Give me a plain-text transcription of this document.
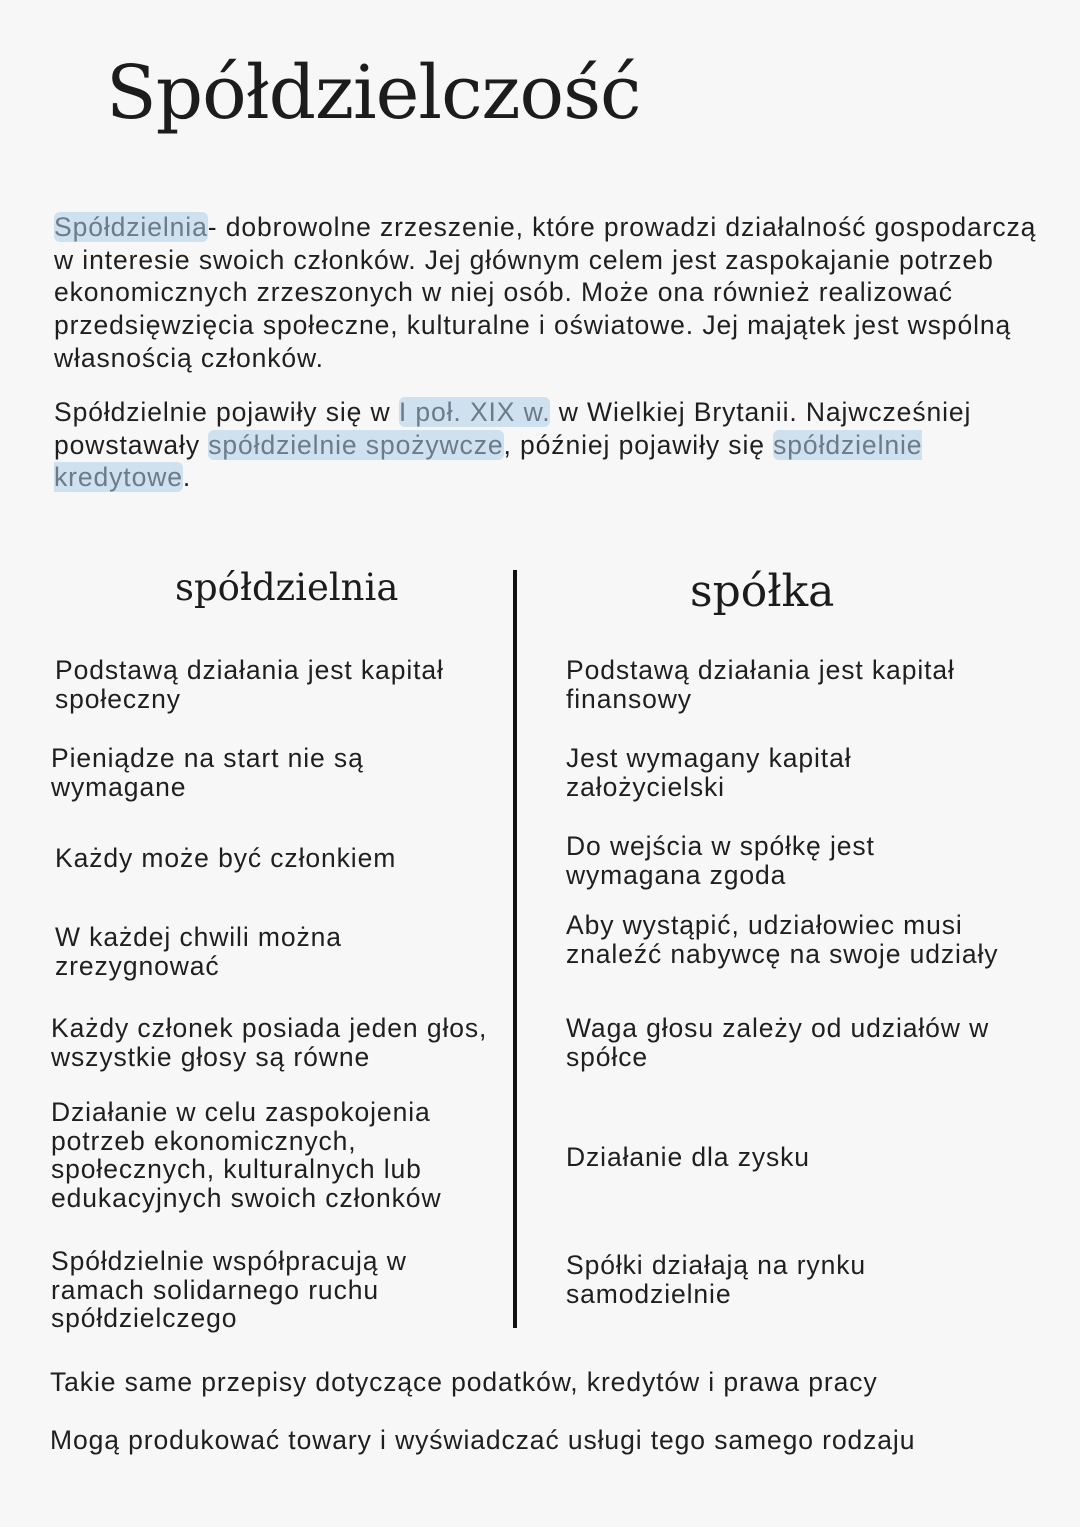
Spółdzielczość
Spółdzielnia- dobrowolne zrzeszenie, które prowadzi działalność gospodarczą w interesie swoich członków. Jej głównym celem jest zaspokajanie potrzeb ekonomicznych zrzeszonych w niej osób. Może ona również realizować przedsięwzięcia społeczne, kulturalne i oświatowe. Jej majątek jest wspólną własnością członków.
Spółdzielnie pojawiły się w I poł. XIX w. w Wielkiej Brytanii. Najwcześniej powstawały spółdzielnie spożywcze, później pojawiły się spółdzielnie kredytowe.
spółdzielnia	spółka
Podstawą działania jest kapitał społeczny
Pieniądze na start nie są wymagane
Każdy może być członkiem
W każdej chwili można zrezygnować
Każdy członek posiada jeden głos, wszystkie głosy są równe
Działanie w celu zaspokojenia potrzeb ekonomicznych, społecznych, kulturalnych lub edukacyjnych swoich członków
Spółdzielnie współpracują w ramach solidarnego ruchu spółdzielczego
Podstawą działania jest kapitał finansowy
Jest wymagany kapitał założycielski
Do wejścia w spółkę jest wymagana zgoda
Aby wystąpić, udziałowiec musi znaleźć nabywcę na swoje udziały
Waga głosu zależy od udziałów w spółce
Działanie dla zysku
Spółki działają na rynku samodzielnie
Takie same przepisy dotyczące podatków, kredytów i prawa pracy
Mogą produkować towary i wyświadczać usługi tego samego rodzaju
